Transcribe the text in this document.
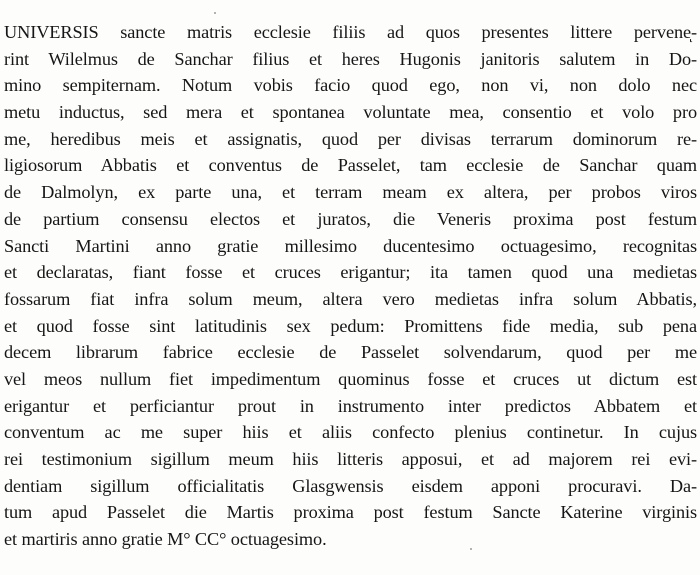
UNIVERSIS sancte matris ecclesie filiis ad quos presentes littere perveneͅ-
rint Wilelmus de Sanchar filius et heres Hugonis janitoris salutem in Do-
mino sempiternam. Notum vobis facio quod ego, non vi, non dolo nec
metu inductus, sed mera et spontanea voluntate mea, consentio et volo pro
me, heredibus meis et assignatis, quod per divisas terrarum dominorum re-
ligiosorum Abbatis et conventus de Passelet, tam ecclesie de Sanchar quam
de Dalmolyn, ex parte una, et terram meam ex altera, per probos viros
de partium consensu electos et juratos, die Veneris proxima post festum
Sancti Martini anno gratie millesimo ducentesimo octuagesimo, recognitas
et declaratas, fiant fosse et cruces erigantur; ita tamen quod una medietas
fossarum fiat infra solum meum, altera vero medietas infra solum Abbatis,
et quod fosse sint latitudinis sex pedum: Promittens fide media, sub pena
decem librarum fabrice ecclesie de Passelet solvendarum, quod per me
vel meos nullum fiet impedimentum quominus fosse et cruces ut dictum est
erigantur et perficiantur prout in instrumento inter predictos Abbatem et
conventum ac me super hiis et aliis confecto plenius continetur. In cujus
rei testimonium sigillum meum hiis litteris apposui, et ad majorem rei evi-
dentiam sigillum officialitatis Glasgwensis eisdem apponi procuravi. Da-
tum apud Passelet die Martis proxima post festum Sancte Katerine virginis
et martiris anno gratie M° CC° octuagesimo.
